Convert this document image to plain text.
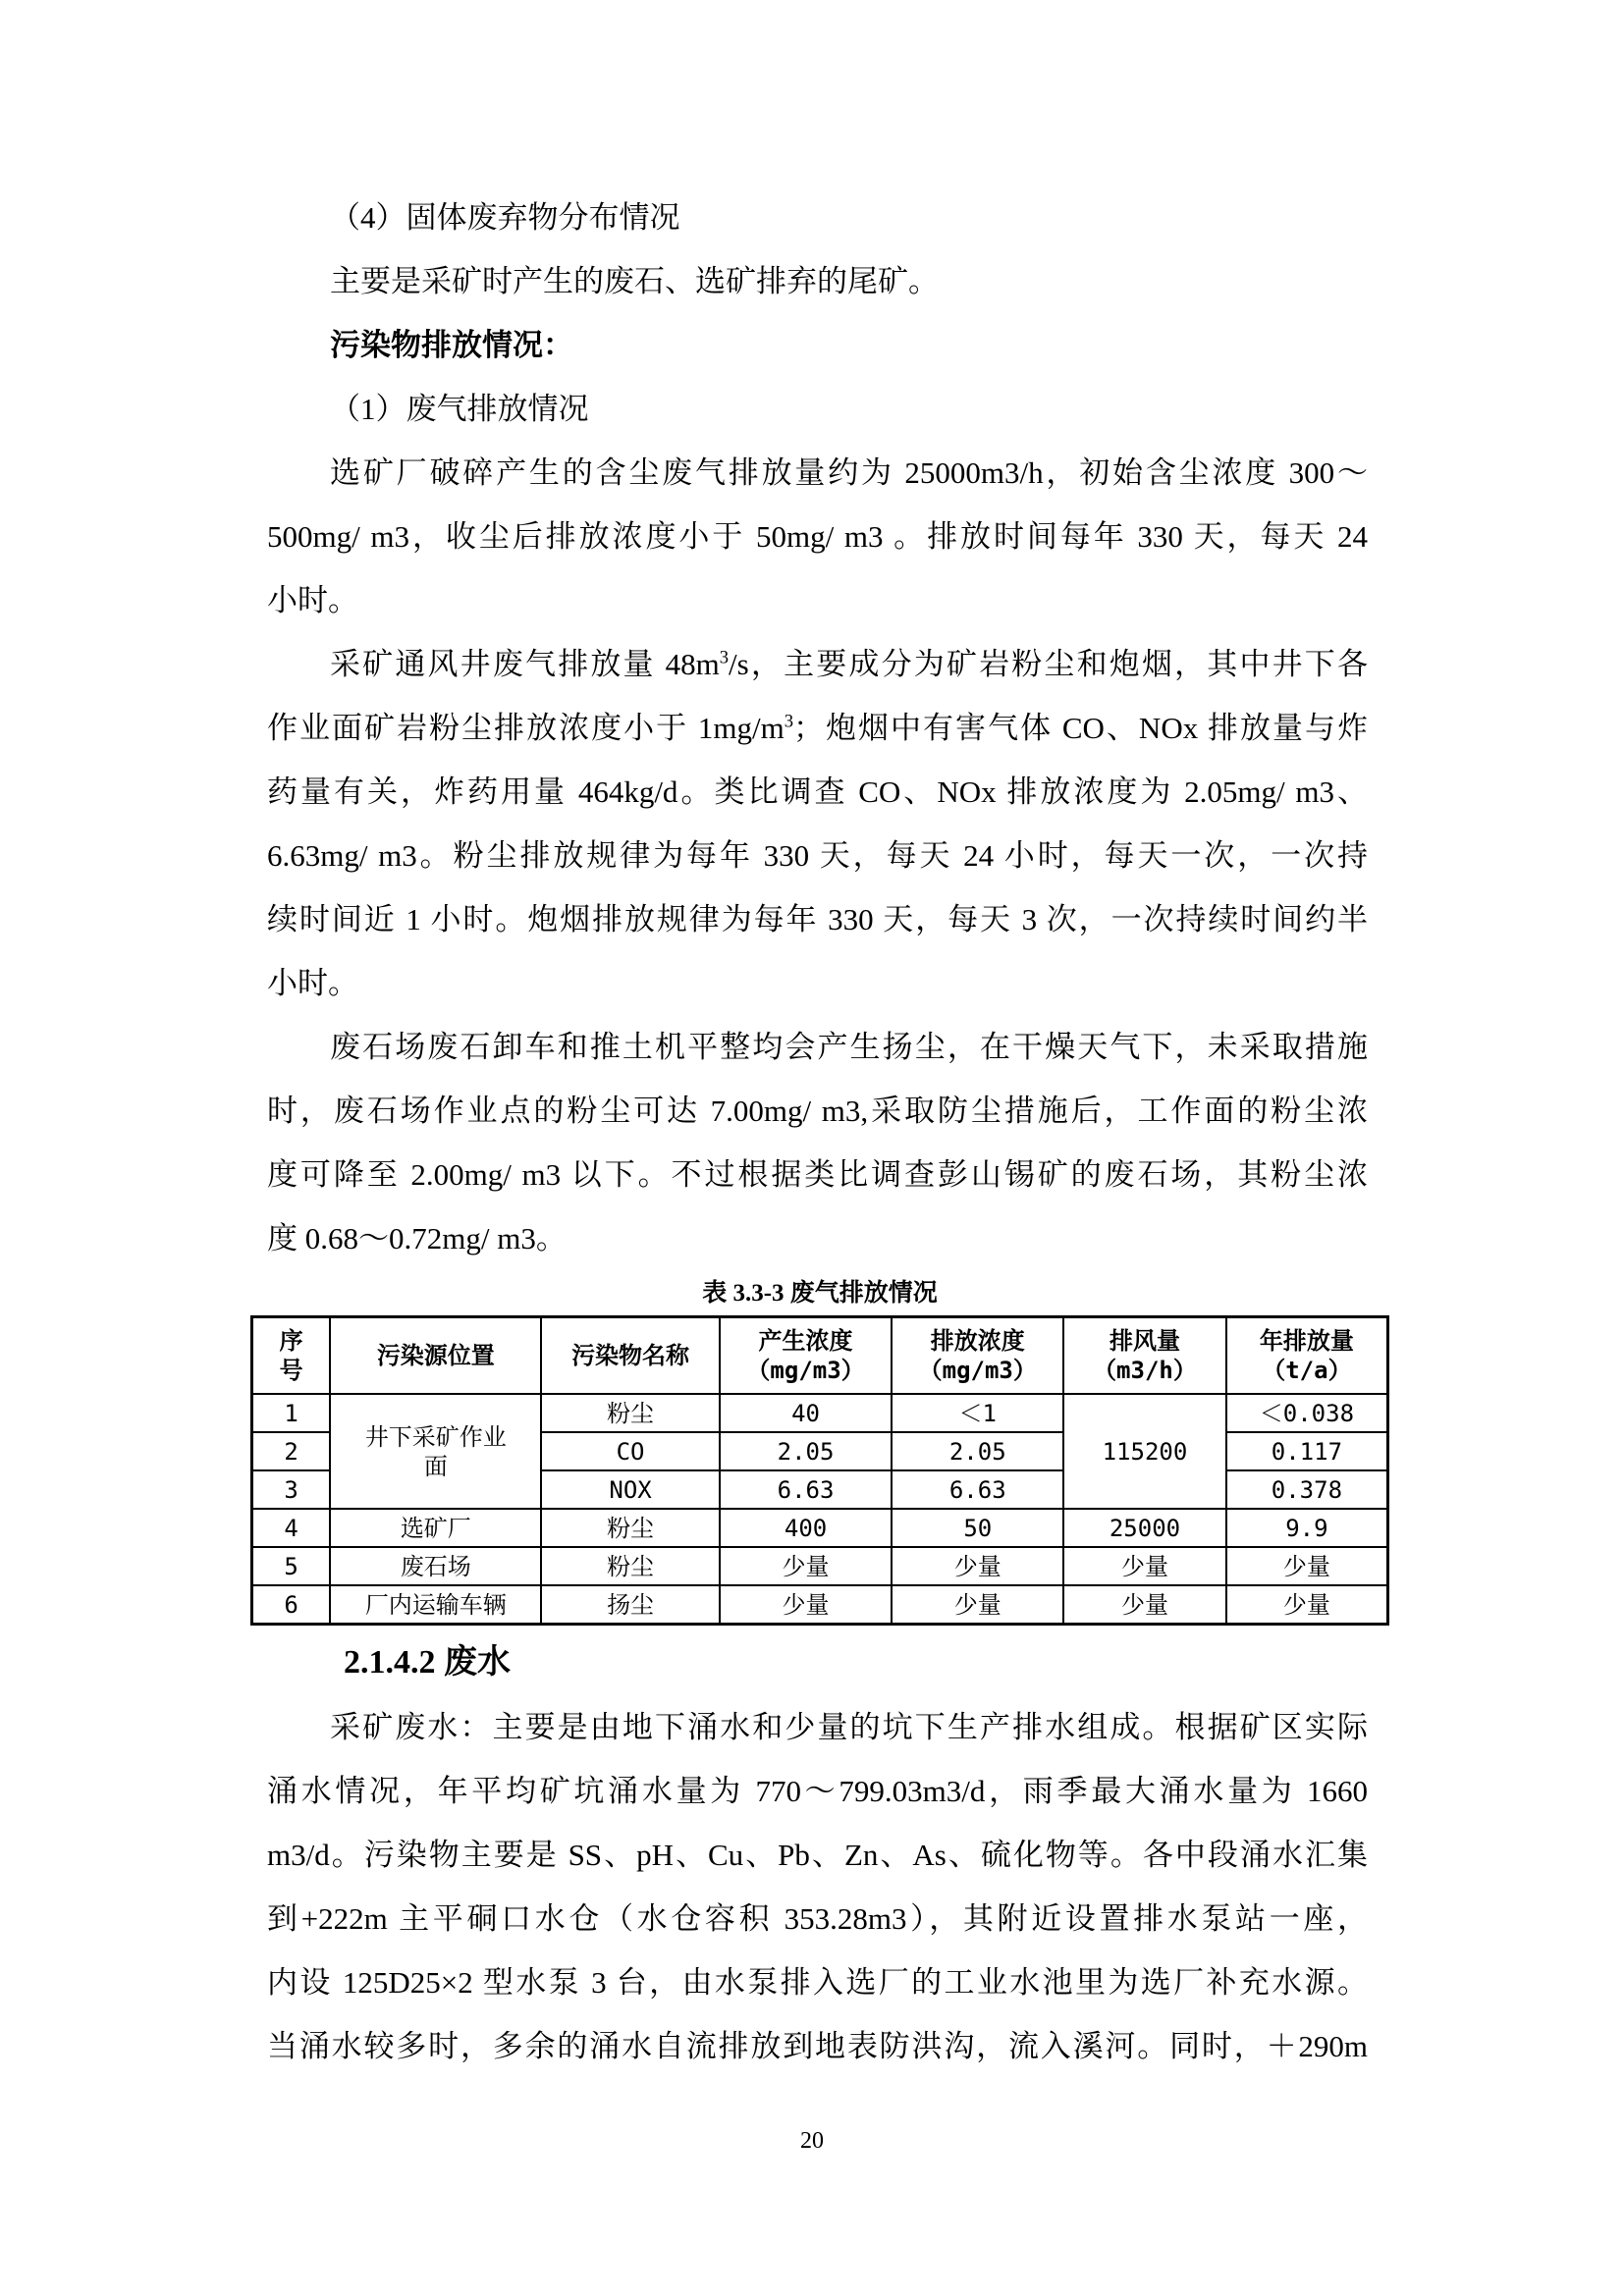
（4）固体废弃物分布情况
主要是采矿时产生的废石、选矿排弃的尾矿。
污染物排放情况：
（1）废气排放情况
选矿厂破碎产生的含尘废气排放量约为 25000m3/h，初始含尘浓度 300～
500mg/ m3，收尘后排放浓度小于 50mg/ m3 。排放时间每年 330 天，每天 24
小时。
采矿通风井废气排放量 $48m^3/s$，主要成分为矿岩粉尘和炮烟，其中井下各
作业面矿岩粉尘排放浓度小于 $1mg/m^3$；炮烟中有害气体 CO、NOx 排放量与炸
药量有关，炸药用量 464kg/d。类比调查 CO、NOx 排放浓度为 2.05mg/ m3、
6.63mg/ m3。粉尘排放规律为每年 330 天，每天 24 小时，每天一次，一次持
续时间近 1 小时。炮烟排放规律为每年 330 天，每天 3 次，一次持续时间约半
小时。
废石场废石卸车和推土机平整均会产生扬尘，在干燥天气下，未采取措施
时，废石场作业点的粉尘可达 7.00mg/ m3,采取防尘措施后，工作面的粉尘浓
度可降至 2.00mg/ m3 以下。不过根据类比调查彭山锡矿的废石场，其粉尘浓
度 0.68～0.72mg/ m3。
表 3.3-3 废气排放情况
序
号	污染源位置	污染物名称	产生浓度
（mg/m3）	排放浓度
（mg/m3）	排风量
（m3/h）	年排放量
（t/a）
1	井下采矿作业面	粉尘	40	＜1	115200	＜0.038
2		CO	2.05	2.05		0.117
3		NOX	6.63	6.63		0.378
4	选矿厂	粉尘	400	50	25000	9.9
5	废石场	粉尘	少量	少量	少量	少量
6	厂内运输车辆	扬尘	少量	少量	少量	少量
2.1.4.2 废水
采矿废水：主要是由地下涌水和少量的坑下生产排水组成。根据矿区实际
涌水情况，年平均矿坑涌水量为 770～799.03m3/d，雨季最大涌水量为 1660
m3/d。污染物主要是 SS、pH、Cu、Pb、Zn、As、硫化物等。各中段涌水汇集
到+222m 主平硐口水仓（水仓容积 353.28m3），其附近设置排水泵站一座，
内设 125D25×2 型水泵 3 台，由水泵排入选厂的工业水池里为选厂补充水源。
当涌水较多时，多余的涌水自流排放到地表防洪沟，流入溪河。同时，＋290m
20
